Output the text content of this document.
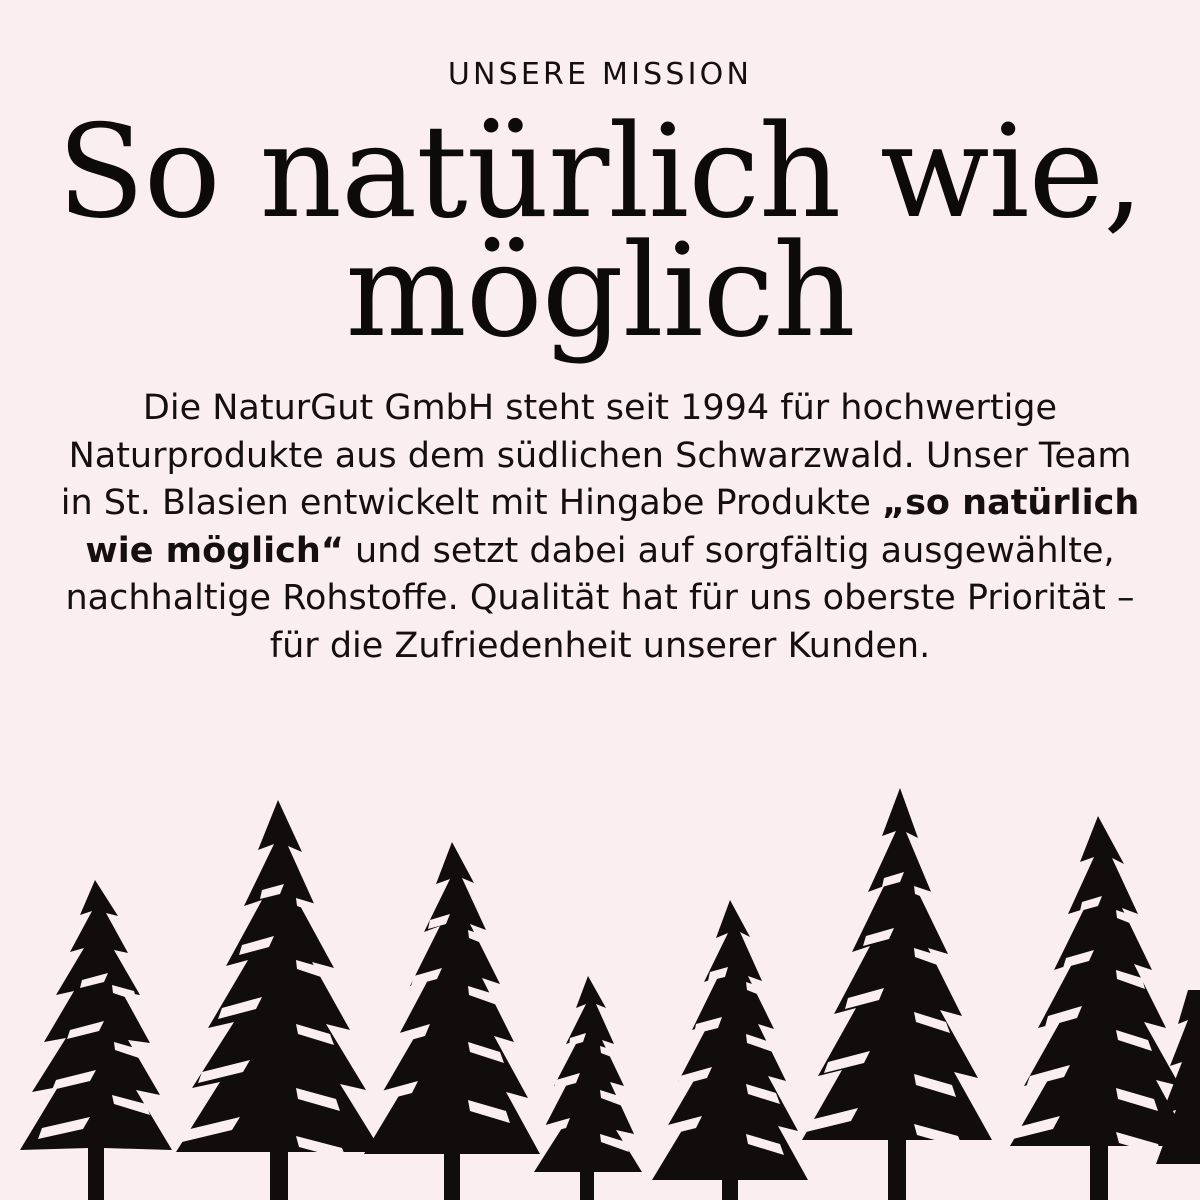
UNSERE MISSION
So natürlich wie,
möglich

Die NaturGut GmbH steht seit 1994 für hochwertige Naturprodukte aus dem südlichen Schwarzwald. Unser Team in St. Blasien entwickelt mit Hingabe Produkte „so natürlich wie möglich“ und setzt dabei auf sorgfältig ausgewählte, nachhaltige Rohstoffe. Qualität hat für uns oberste Priorität – für die Zufriedenheit unserer Kunden.
